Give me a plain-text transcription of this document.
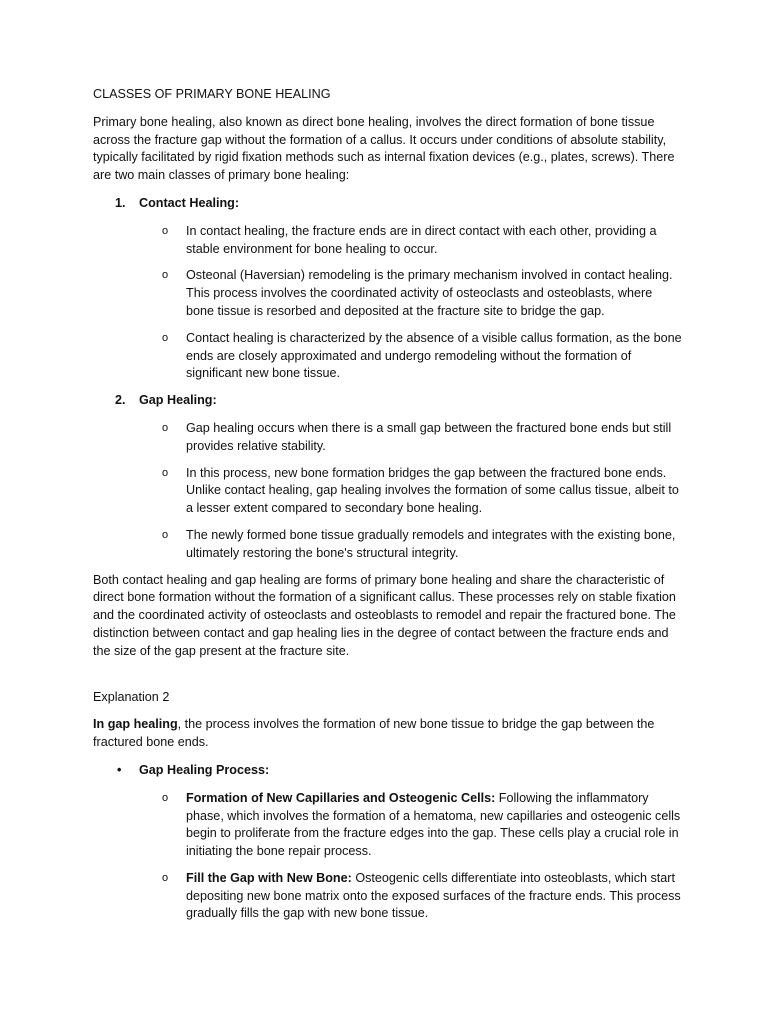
CLASSES OF PRIMARY BONE HEALING

Primary bone healing, also known as direct bone healing, involves the direct formation of bone tissue across the fracture gap without the formation of a callus. It occurs under conditions of absolute stability, typically facilitated by rigid fixation methods such as internal fixation devices (e.g., plates, screws). There are two main classes of primary bone healing:

1. Contact Healing:
o In contact healing, the fracture ends are in direct contact with each other, providing a stable environment for bone healing to occur.
o Osteonal (Haversian) remodeling is the primary mechanism involved in contact healing. This process involves the coordinated activity of osteoclasts and osteoblasts, where bone tissue is resorbed and deposited at the fracture site to bridge the gap.
o Contact healing is characterized by the absence of a visible callus formation, as the bone ends are closely approximated and undergo remodeling without the formation of significant new bone tissue.
2. Gap Healing:
o Gap healing occurs when there is a small gap between the fractured bone ends but still provides relative stability.
o In this process, new bone formation bridges the gap between the fractured bone ends. Unlike contact healing, gap healing involves the formation of some callus tissue, albeit to a lesser extent compared to secondary bone healing.
o The newly formed bone tissue gradually remodels and integrates with the existing bone, ultimately restoring the bone's structural integrity.

Both contact healing and gap healing are forms of primary bone healing and share the characteristic of direct bone formation without the formation of a significant callus. These processes rely on stable fixation and the coordinated activity of osteoclasts and osteoblasts to remodel and repair the fractured bone. The distinction between contact and gap healing lies in the degree of contact between the fracture ends and the size of the gap present at the fracture site.

Explanation 2

In gap healing, the process involves the formation of new bone tissue to bridge the gap between the fractured bone ends.

• Gap Healing Process:
o Formation of New Capillaries and Osteogenic Cells: Following the inflammatory phase, which involves the formation of a hematoma, new capillaries and osteogenic cells begin to proliferate from the fracture edges into the gap. These cells play a crucial role in initiating the bone repair process.
o Fill the Gap with New Bone: Osteogenic cells differentiate into osteoblasts, which start depositing new bone matrix onto the exposed surfaces of the fracture ends. This process gradually fills the gap with new bone tissue.
